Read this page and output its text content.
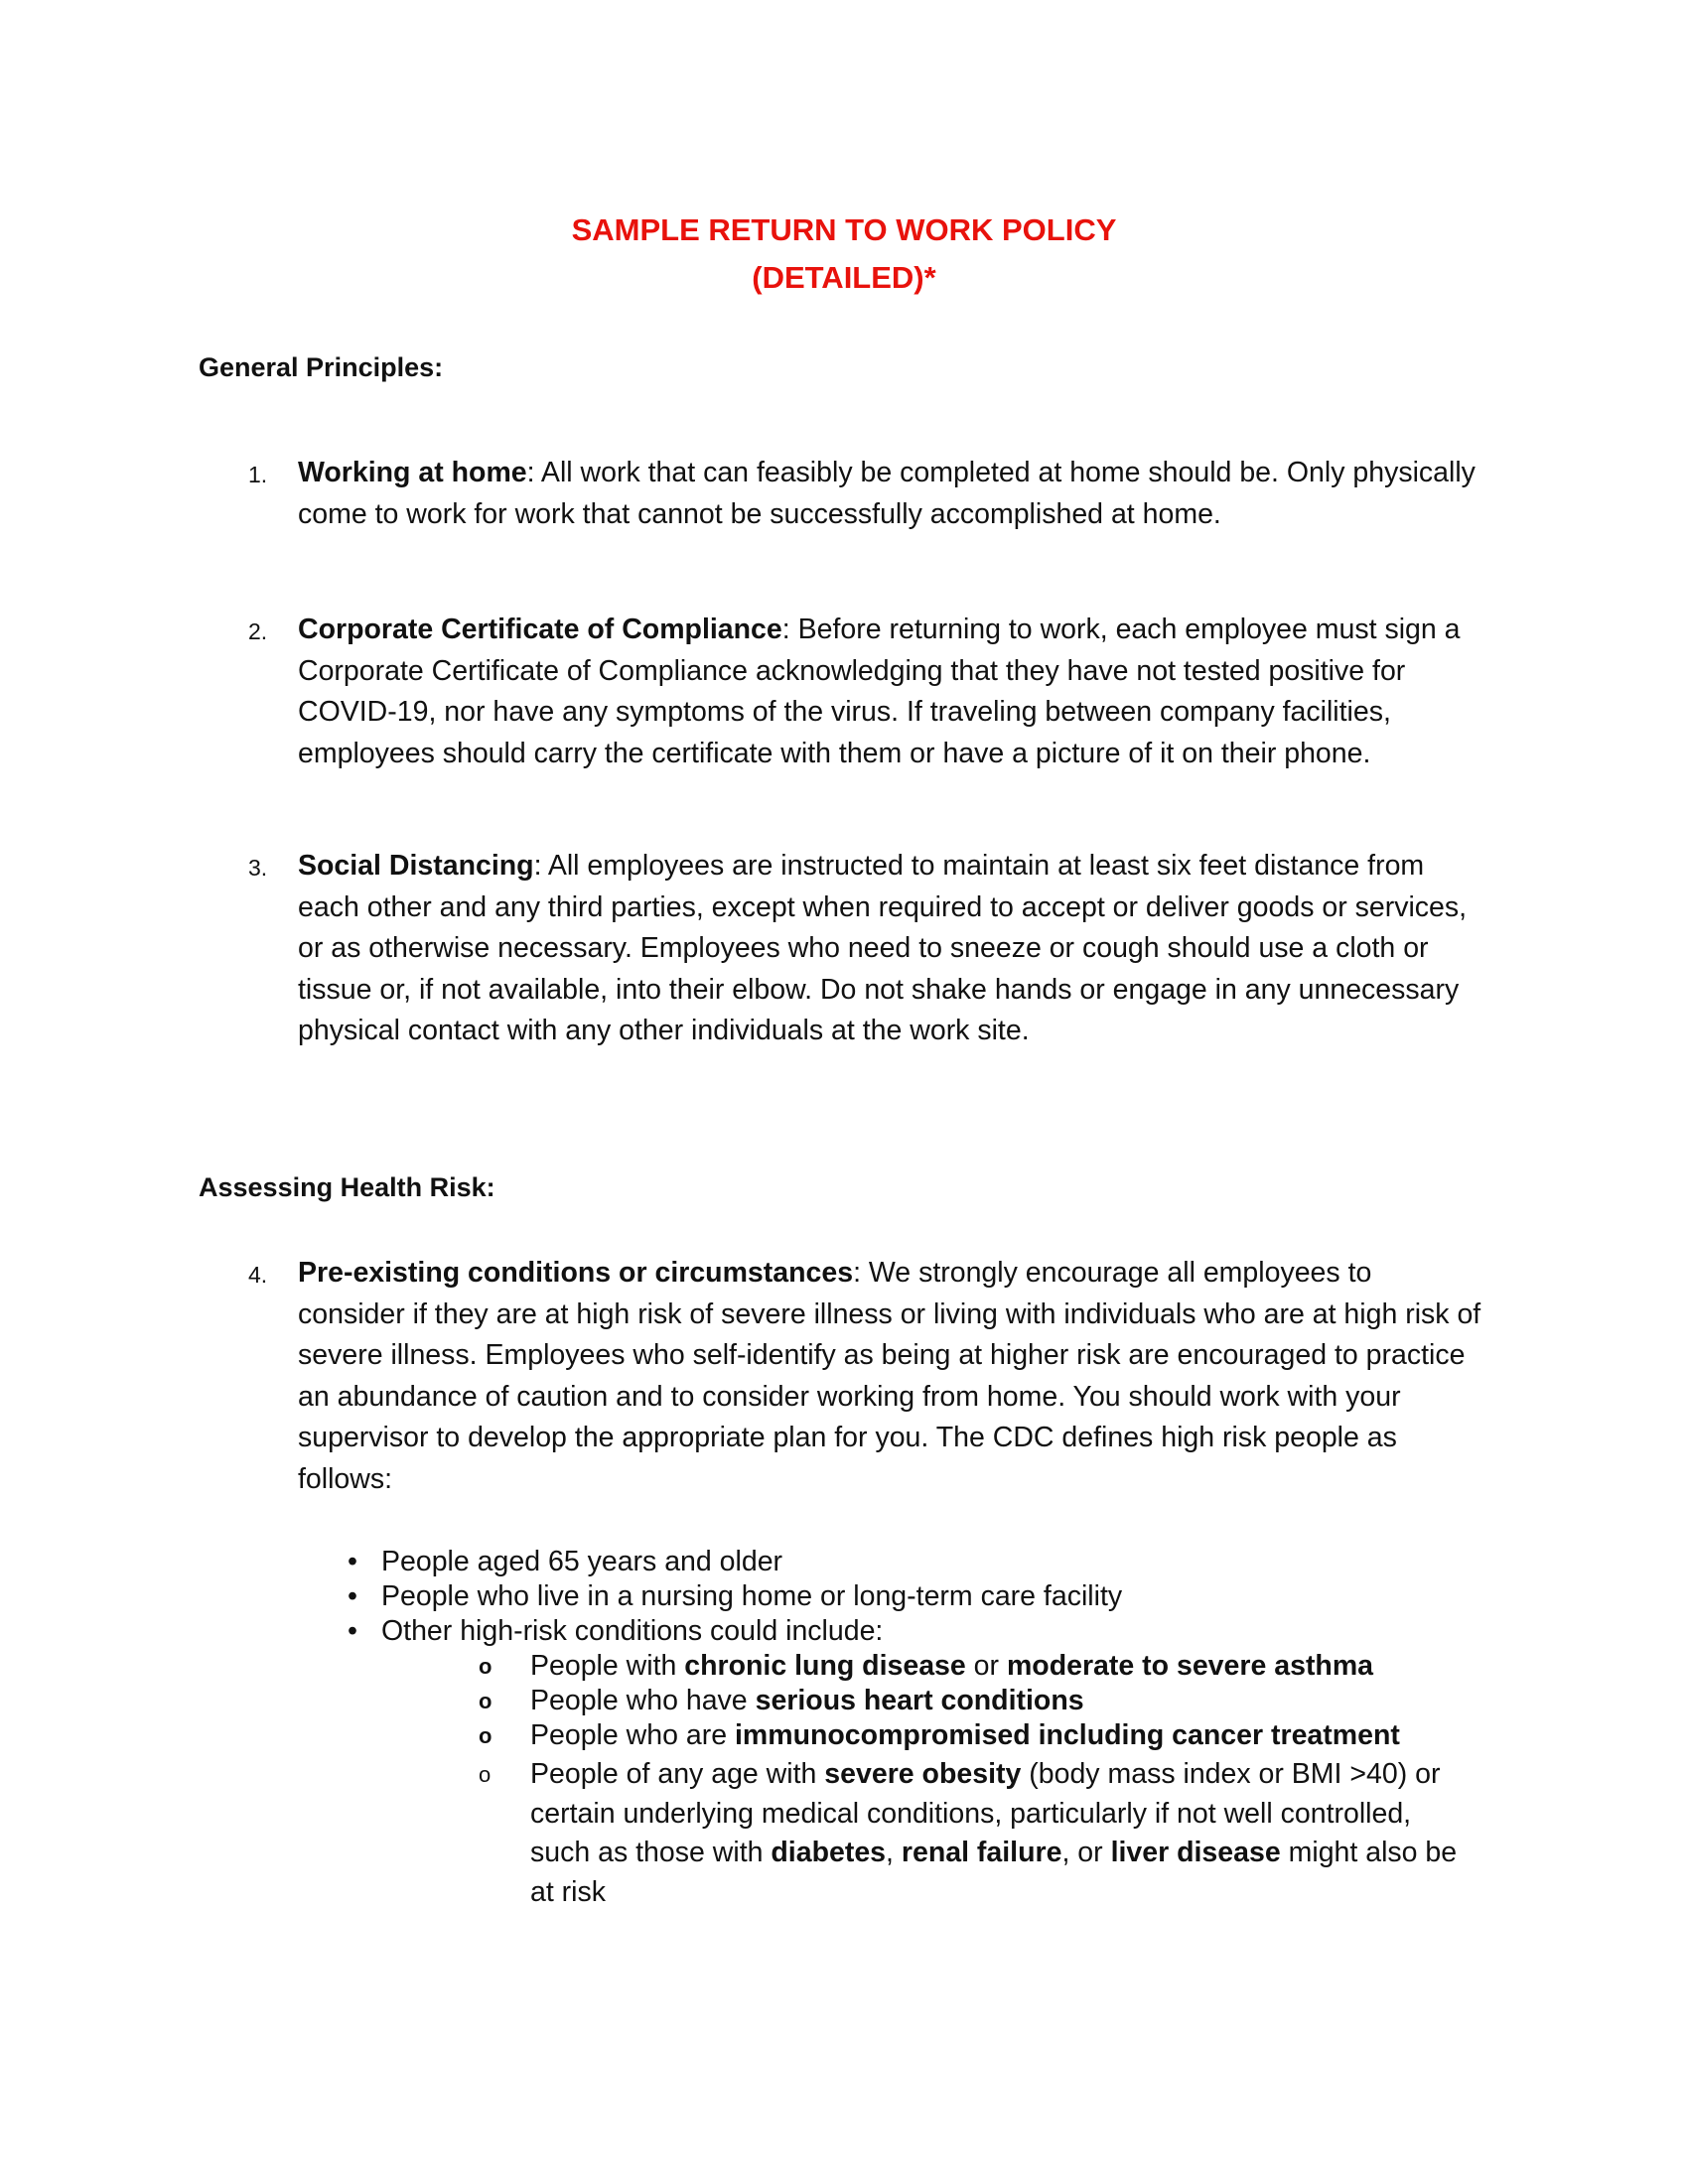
SAMPLE RETURN TO WORK POLICY
(DETAILED)*
General Principles:
1. Working at home: All work that can feasibly be completed at home should be. Only physically come to work for work that cannot be successfully accomplished at home.
2. Corporate Certificate of Compliance: Before returning to work, each employee must sign a Corporate Certificate of Compliance acknowledging that they have not tested positive for COVID-19, nor have any symptoms of the virus. If traveling between company facilities, employees should carry the certificate with them or have a picture of it on their phone.
3. Social Distancing: All employees are instructed to maintain at least six feet distance from each other and any third parties, except when required to accept or deliver goods or services, or as otherwise necessary. Employees who need to sneeze or cough should use a cloth or tissue or, if not available, into their elbow. Do not shake hands or engage in any unnecessary physical contact with any other individuals at the work site.
Assessing Health Risk:
4. Pre-existing conditions or circumstances: We strongly encourage all employees to consider if they are at high risk of severe illness or living with individuals who are at high risk of severe illness. Employees who self-identify as being at higher risk are encouraged to practice an abundance of caution and to consider working from home. You should work with your supervisor to develop the appropriate plan for you. The CDC defines high risk people as follows:
• People aged 65 years and older
• People who live in a nursing home or long-term care facility
• Other high-risk conditions could include:
o People with chronic lung disease or moderate to severe asthma
o People who have serious heart conditions
o People who are immunocompromised including cancer treatment
o People of any age with severe obesity (body mass index or BMI >40) or certain underlying medical conditions, particularly if not well controlled, such as those with diabetes, renal failure, or liver disease might also be at risk
